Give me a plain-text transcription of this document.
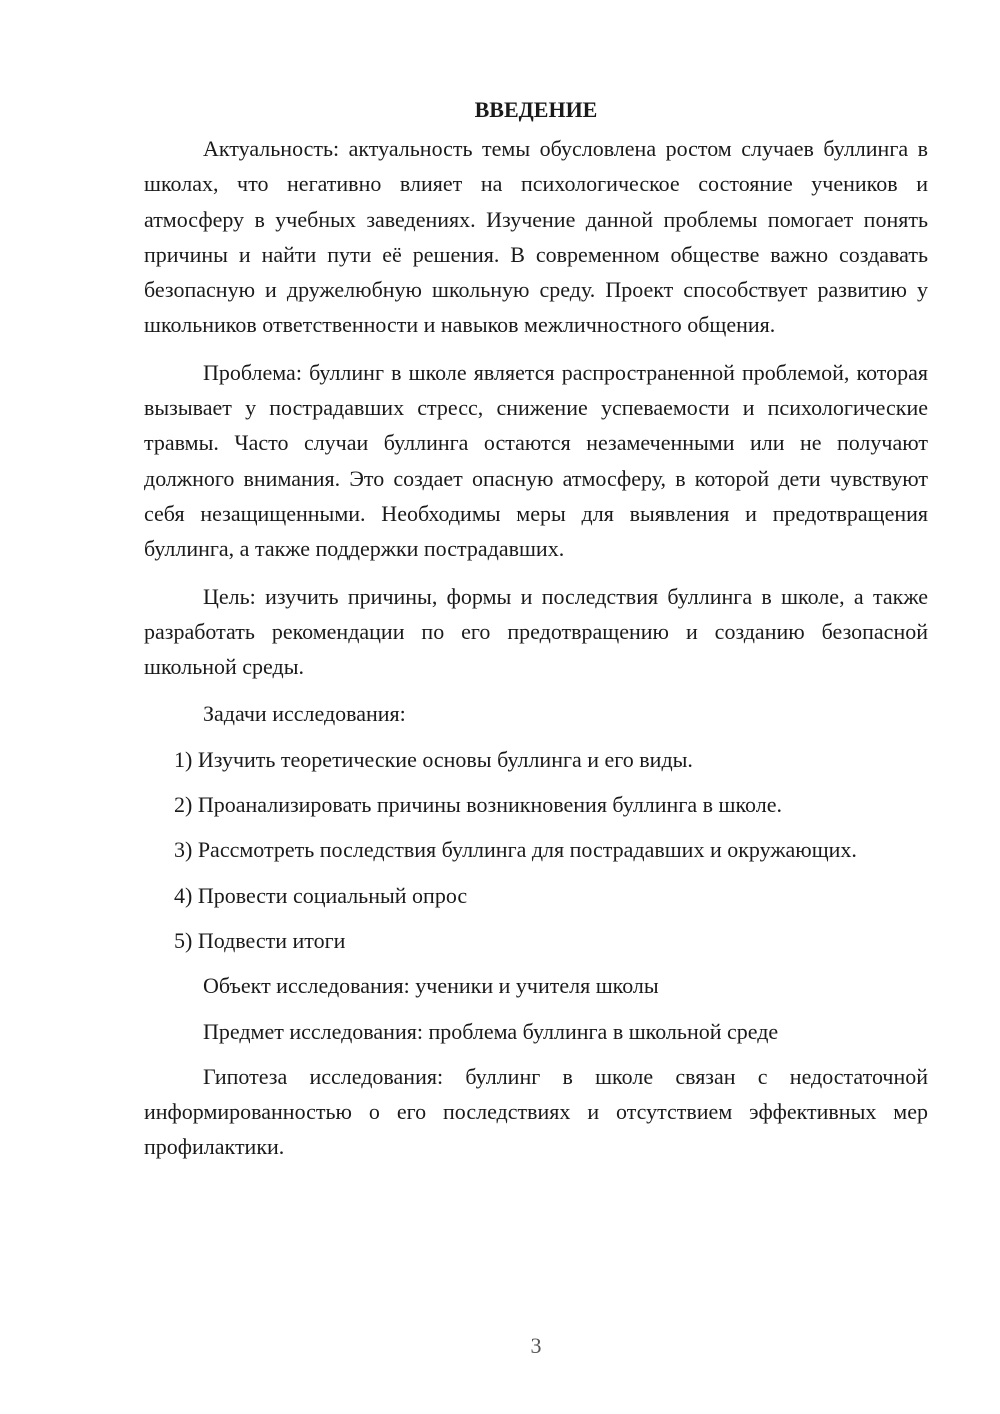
ВВЕДЕНИЕ

Актуальность: актуальность темы обусловлена ростом случаев буллинга в школах, что негативно влияет на психологическое состояние учеников и атмосферу в учебных заведениях. Изучение данной проблемы помогает понять причины и найти пути её решения. В современном обществе важно создавать безопасную и дружелюбную школьную среду. Проект способствует развитию у школьников ответственности и навыков межличностного общения.

Проблема: буллинг в школе является распространенной проблемой, которая вызывает у пострадавших стресс, снижение успеваемости и психологические травмы. Часто случаи буллинга остаются незамеченными или не получают должного внимания. Это создает опасную атмосферу, в которой дети чувствуют себя незащищенными. Необходимы меры для выявления и предотвращения буллинга, а также поддержки пострадавших.

Цель: изучить причины, формы и последствия буллинга в школе, а также разработать рекомендации по его предотвращению и созданию безопасной школьной среды.

Задачи исследования:

1) Изучить теоретические основы буллинга и его виды.

2) Проанализировать причины возникновения буллинга в школе.

3) Рассмотреть последствия буллинга для пострадавших и окружающих.

4) Провести социальный опрос

5) Подвести итоги

Объект исследования: ученики и учителя школы

Предмет исследования: проблема буллинга в школьной среде

Гипотеза исследования: буллинг в школе связан с недостаточной информированностью о его последствиях и отсутствием эффективных мер профилактики.

3
